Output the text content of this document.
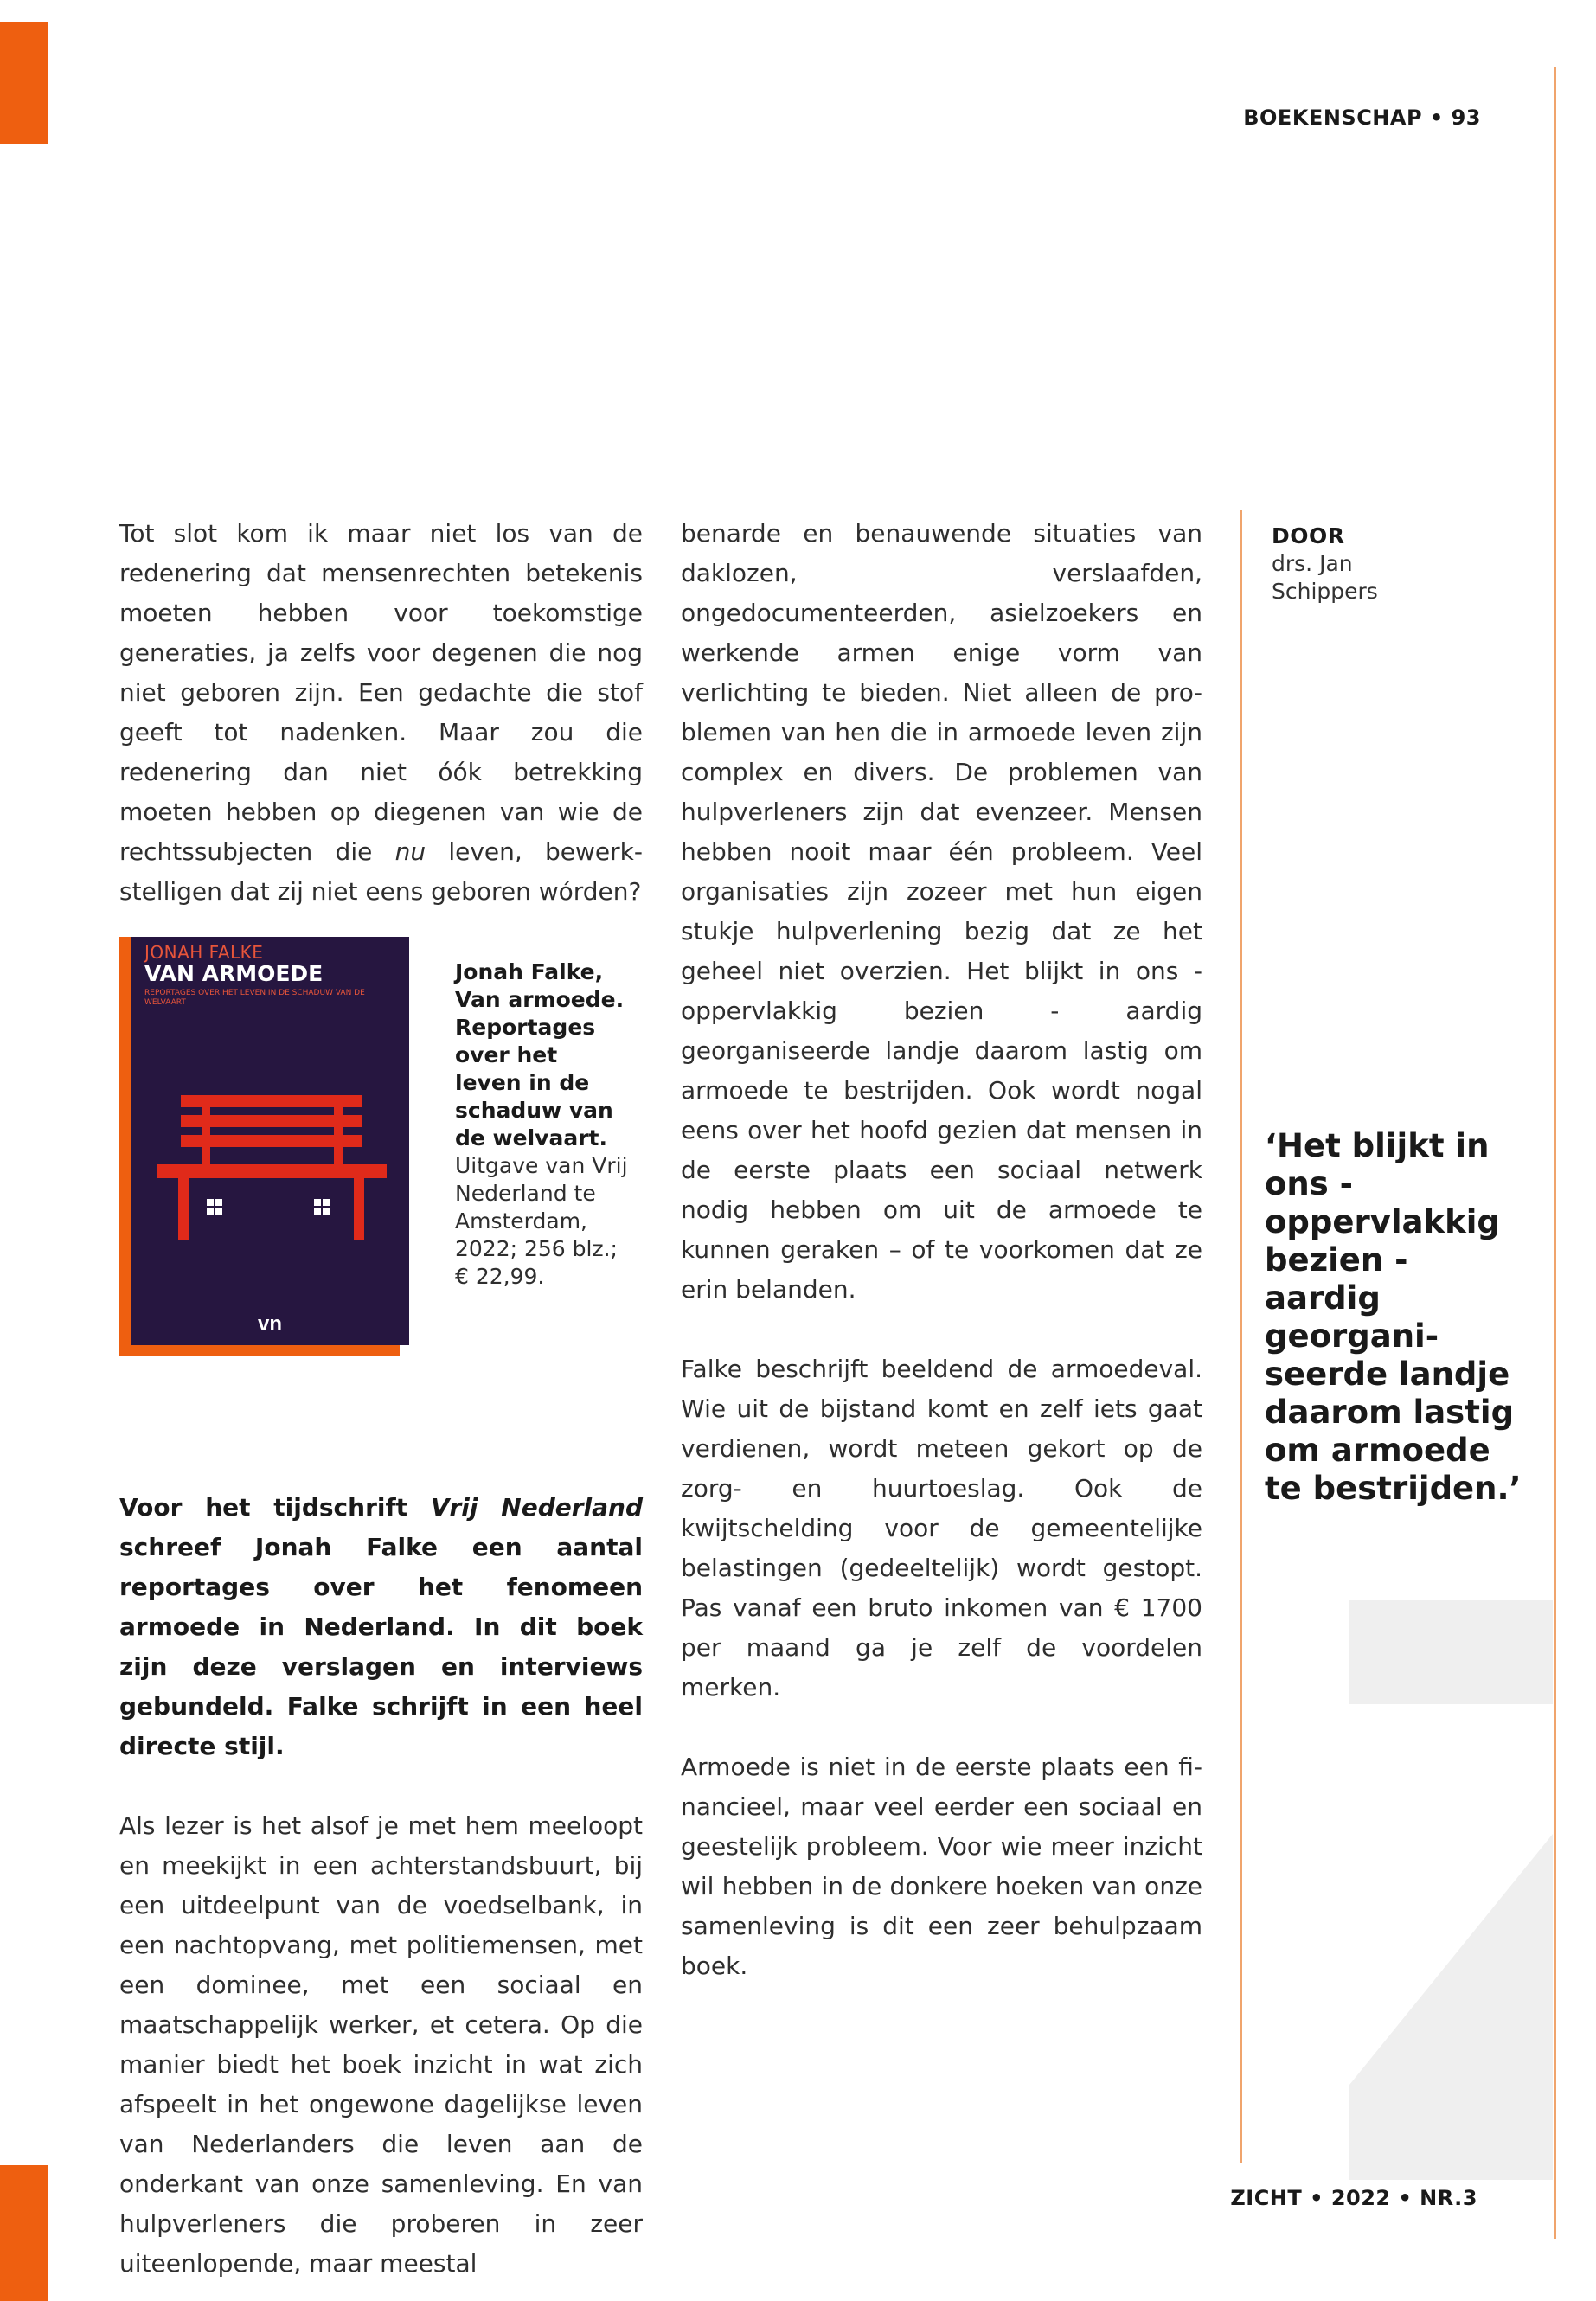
BOEKENSCHAP • 93

Tot slot kom ik maar niet los van de redenering dat mensenrechten betekenis moeten hebben voor toekomstige generaties, ja zelfs voor degenen die nog niet geboren zijn. Een gedachte die stof geeft tot nadenken. Maar zou die redenering dan niet óók betrekking moeten hebben op diegenen van wie de rechtssubjecten die nu leven, bewerkstelligen dat zij niet eens geboren wórden?

Voor het tijdschrift Vrij Nederland schreef Jonah Falke een aantal reportages over het fenomeen armoede in Nederland. In dit boek zijn deze verslagen en interviews gebundeld. Falke schrijft in een heel directe stijl.

Als lezer is het alsof je met hem meeloopt en meekijkt in een achterstandsbuurt, bij een uitdeelpunt van de voedselbank, in een nachtopvang, met politiemensen, met een dominee, met een sociaal en maatschappelijk werker, et cetera. Op die manier biedt het boek inzicht in wat zich afspeelt in het ongewone dagelijkse leven van Nederlanders die leven aan de onderkant van onze samenleving. En van hulpverleners die proberen in zeer uiteenlopende, maar meestal

vn
JONAH FALKE
VAN ARMOEDE
REPORTAGES OVER HET LEVEN IN DE SCHADUW VAN DE WELVAART
Jonah Falke, Van armoede. Reportages over het leven in de schaduw van de welvaart.
Uitgave van Vrij Nederland te Amsterdam, 2022; 256 blz.; € 22,99.

benarde en benauwende situaties van daklozen, verslaafden, ongedocumenteerden, asielzoekers en werkende armen enige vorm van verlichting te bieden. Niet alleen de problemen van hen die in armoede leven zijn complex en divers. De problemen van hulpverleners zijn dat evenzeer. Mensen hebben nooit maar één probleem. Veel organisaties zijn zozeer met hun eigen stukje hulpverlening bezig dat ze het geheel niet overzien. Het blijkt in ons - oppervlakkig bezien - aardig georganiseerde landje daarom lastig om armoede te bestrijden. Ook wordt nogal eens over het hoofd gezien dat mensen in de eerste plaats een sociaal netwerk nodig hebben om uit de armoede te kunnen geraken – of te voorkomen dat ze erin belanden.

Falke beschrijft beeldend de armoedeval. Wie uit de bijstand komt en zelf iets gaat verdienen, wordt meteen gekort op de zorg- en huurtoeslag. Ook de kwijtschelding voor de gemeentelijke belastingen (gedeeltelijk) wordt gestopt. Pas vanaf een bruto inkomen van € 1700 per maand ga je zelf de voordelen merken.

Armoede is niet in de eerste plaats een financieel, maar veel eerder een sociaal en geestelijk probleem. Voor wie meer inzicht wil hebben in de donkere hoeken van onze samenleving is dit een zeer behulpzaam boek.

DOOR
drs. Jan Schippers
‘Het blijkt in ons - oppervlakkig bezien - aardig georganiseerde landje daarom lastig om armoede te bestrijden.’
ZICHT • 2022 • NR.3
